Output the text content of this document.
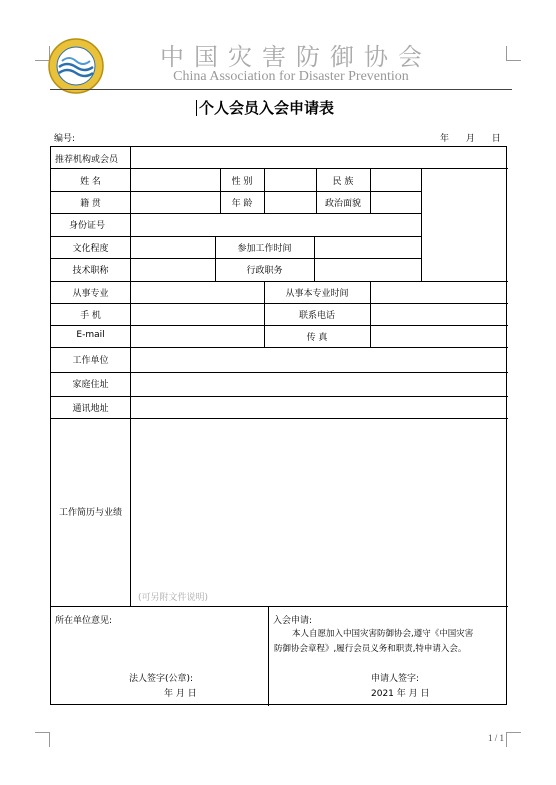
中国灾害防御协会
China Association for Disaster Prevention
个人会员入会申请表
编号:	年 月 日
推荐机构或会员
姓 名	性 别	民 族
籍 贯	年 龄	政治面貌
身份证号
文化程度	参加工作时间
技术职称	行政职务
从事专业	从事本专业时间
手 机	联系电话
E-mail	传 真
工作单位
家庭住址
通讯地址
工作简历与业绩
所在单位意见:
法人签字(公章):
年 月 日
入会申请:
申请人签字:
2021 年 月 日
(可另附文件说明)
本人自愿加入中国灾害防御协会,遵守《中国灾害
防御协会章程》,履行会员义务和职责,特申请入会。
1 / 1
